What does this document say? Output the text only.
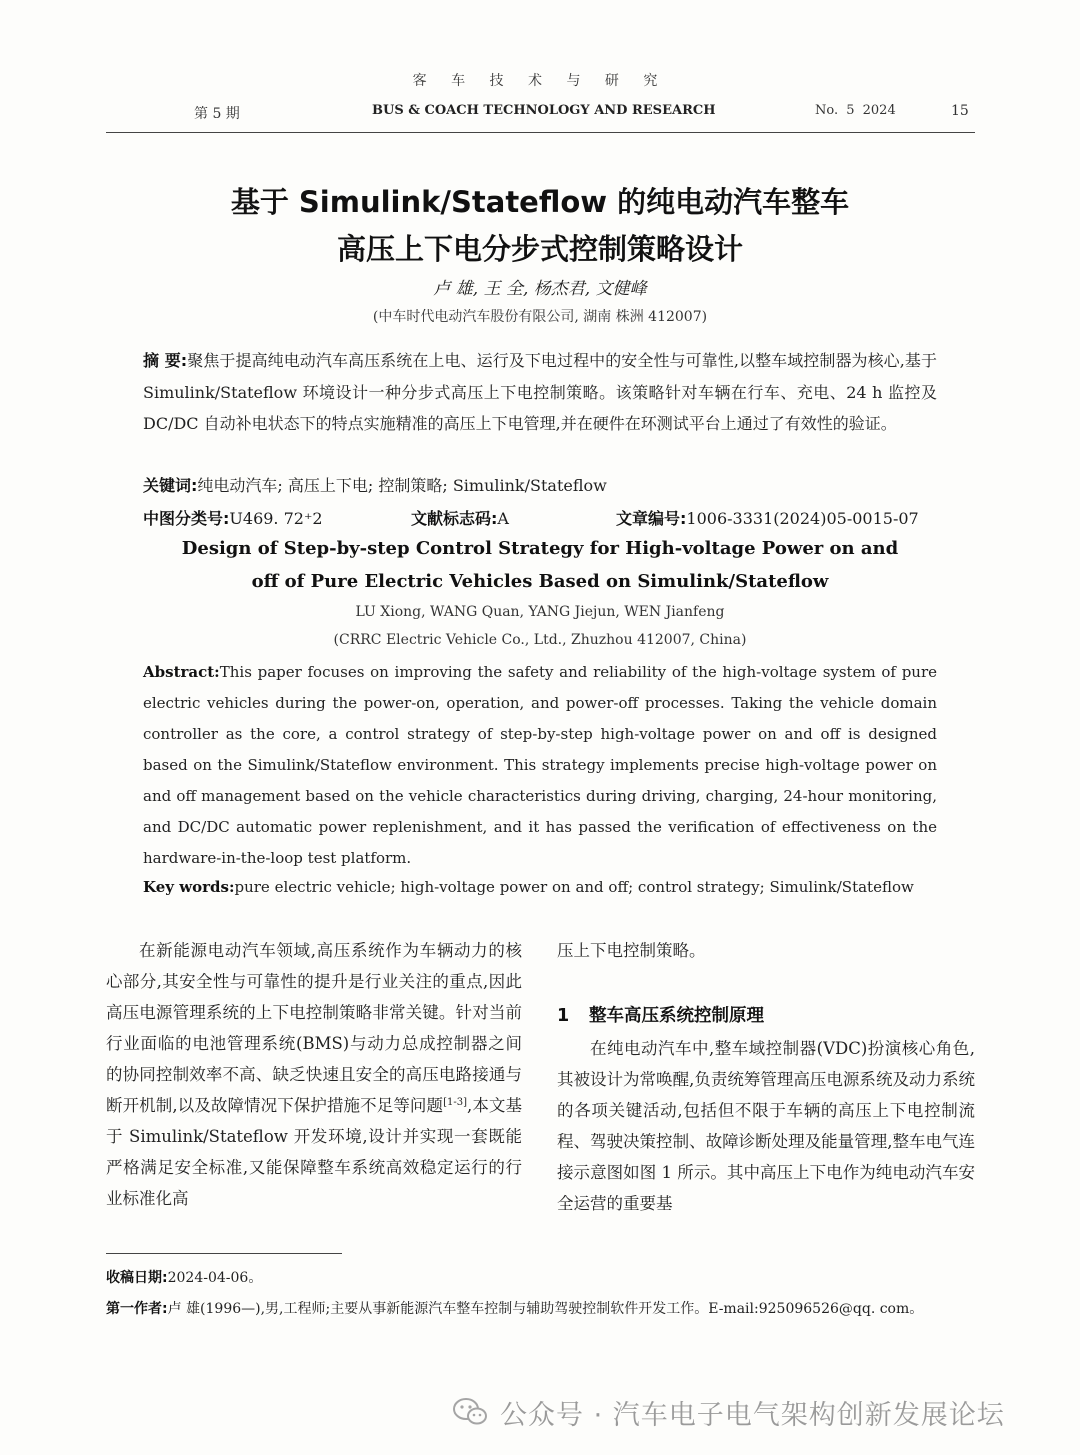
客 车 技 术 与 研 究
第 5 期	BUS & COACH TECHNOLOGY AND RESEARCH	No. 5 2024	15
基于 Simulink/Stateflow 的纯电动汽车整车
高压上下电分步式控制策略设计
卢 雄, 王 全, 杨杰君, 文健峰
(中车时代电动汽车股份有限公司, 湖南 株洲 412007)
摘 要:聚焦于提高纯电动汽车高压系统在上电、运行及下电过程中的安全性与可靠性,以整车域控制器为核心,基于 Simulink/Stateflow 环境设计一种分步式高压上下电控制策略。该策略针对车辆在行车、充电、24 h 监控及 DC/DC 自动补电状态下的特点实施精准的高压上下电管理,并在硬件在环测试平台上通过了有效性的验证。
关键词:纯电动汽车; 高压上下电; 控制策略; Simulink/Stateflow
中图分类号:U469. 72⁺2	文献标志码:A	文章编号:1006-3331(2024)05-0015-07
Design of Step-by-step Control Strategy for High-voltage Power on and
off of Pure Electric Vehicles Based on Simulink/Stateflow
LU Xiong, WANG Quan, YANG Jiejun, WEN Jianfeng
(CRRC Electric Vehicle Co., Ltd., Zhuzhou 412007, China)
Abstract:This paper focuses on improving the safety and reliability of the high-voltage system of pure electric vehicles during the power-on, operation, and power-off processes. Taking the vehicle domain controller as the core, a control strategy of step-by-step high-voltage power on and off is designed based on the Simulink/Stateflow environment. This strategy implements precise high-voltage power on and off management based on the vehicle characteristics during driving, charging, 24-hour monitoring, and DC/DC automatic power replenishment, and it has passed the verification of effectiveness on the hardware-in-the-loop test platform.
Key words:pure electric vehicle; high-voltage power on and off; control strategy; Simulink/Stateflow
在新能源电动汽车领域,高压系统作为车辆动力的核心部分,其安全性与可靠性的提升是行业关注的重点,因此高压电源管理系统的上下电控制策略非常关键。针对当前行业面临的电池管理系统(BMS)与动力总成控制器之间的协同控制效率不高、缺乏快速且安全的高压电路接通与断开机制,以及故障情况下保护措施不足等问题[1-3],本文基于 Simulink/Stateflow 开发环境,设计并实现一套既能严格满足安全标准,又能保障整车系统高效稳定运行的行业标准化高
压上下电控制策略。
1 整车高压系统控制原理
在纯电动汽车中,整车域控制器(VDC)扮演核心角色,其被设计为常唤醒,负责统筹管理高压电源系统及动力系统的各项关键活动,包括但不限于车辆的高压上下电控制流程、驾驶决策控制、故障诊断处理及能量管理,整车电气连接示意图如图 1 所示。其中高压上下电作为纯电动汽车安全运营的重要基
收稿日期:2024-04-06。
第一作者:卢 雄(1996—),男,工程师;主要从事新能源汽车整车控制与辅助驾驶控制软件开发工作。E-mail:925096526@qq. com。
公众号 · 汽车电子电气架构创新发展论坛
